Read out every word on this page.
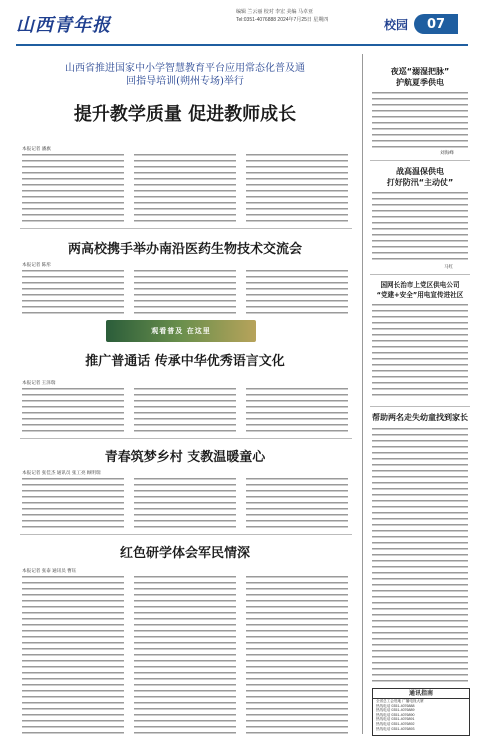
山西青年报
编辑 兰云丽 校对 李宏 美编 马卓亚
Tel:0351-4076888 2024年7月25日 星期四	校园	07
山西省推进国家中小学智慧教育平台应用常态化普及通
回指导培训(朔州专场)举行
提升教学质量 促进教师成长
本报记者 潘旗
两高校携手举办南沿医药生物技术交流会
本报记者 陈彤
观看普及 在这里
推广普通话 传承中华优秀语言文化
本报记者 王泽瑞
青春筑梦乡村 支教温暖童心
本报记者 张佳杰 通讯员 张工亮 顾明瑞
红色研学体会军民情深
本报记者 张泰 通讯员 曹钰
夜巡“溺湿把脉”
护航夏季供电
刘海峰
战高温保供电
打好防汛“主动仗”
马红
国网长治市上党区供电公司
“党建+安全”用电宣传进社区
帮助两名走失幼童找到家长
通讯指南
全省总工会驻地 广播电视大厦
热线电话 0351-4076888
热线电话 0351-4076889
热线电话 0351-4076890
热线电话 0351-4076891
热线电话 0351-4076892
热线电话 0351-4076893
